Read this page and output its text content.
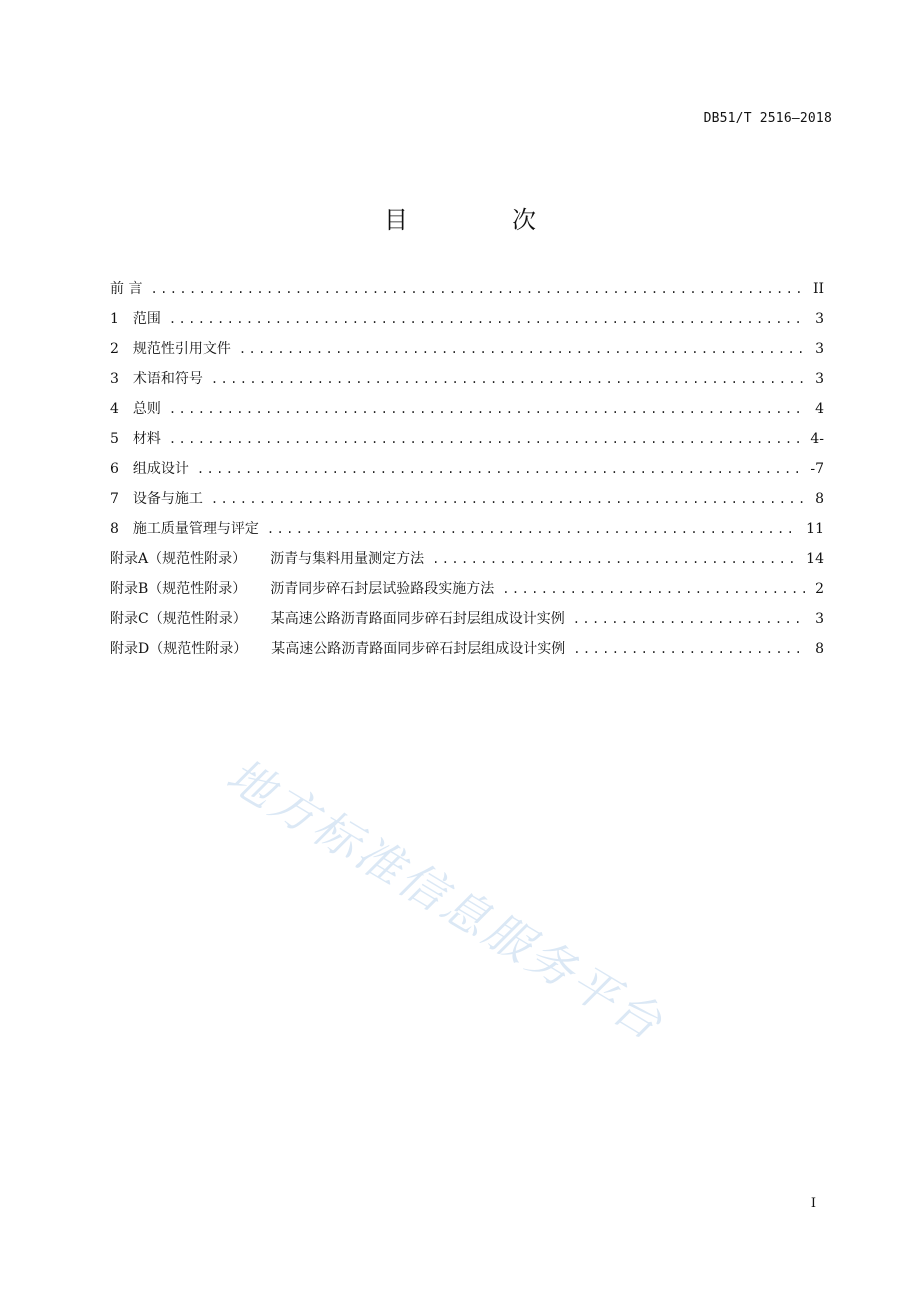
DB51/T 2516—2018
目　次
前 言 .....	II
1 范围 .....	3
2 规范性引用文件 .....	3
3 术语和符号 .....	3
4 总则 .....	4
5 材料 .....	4-
6 组成设计 .....	-7
7 设备与施工 .....	8
8 施工质量管理与评定 .....	11
附录A（规范性附录） 沥青与集料用量测定方法 .....	14
附录B（规范性附录） 沥青同步碎石封层试验路段实施方法 .....	2
附录C（规范性附录） 某高速公路沥青路面同步碎石封层组成设计实例 .....	3
附录D（规范性附录） 某高速公路沥青路面同步碎石封层组成设计实例 .....	8
地方标准信息服务平台
I
